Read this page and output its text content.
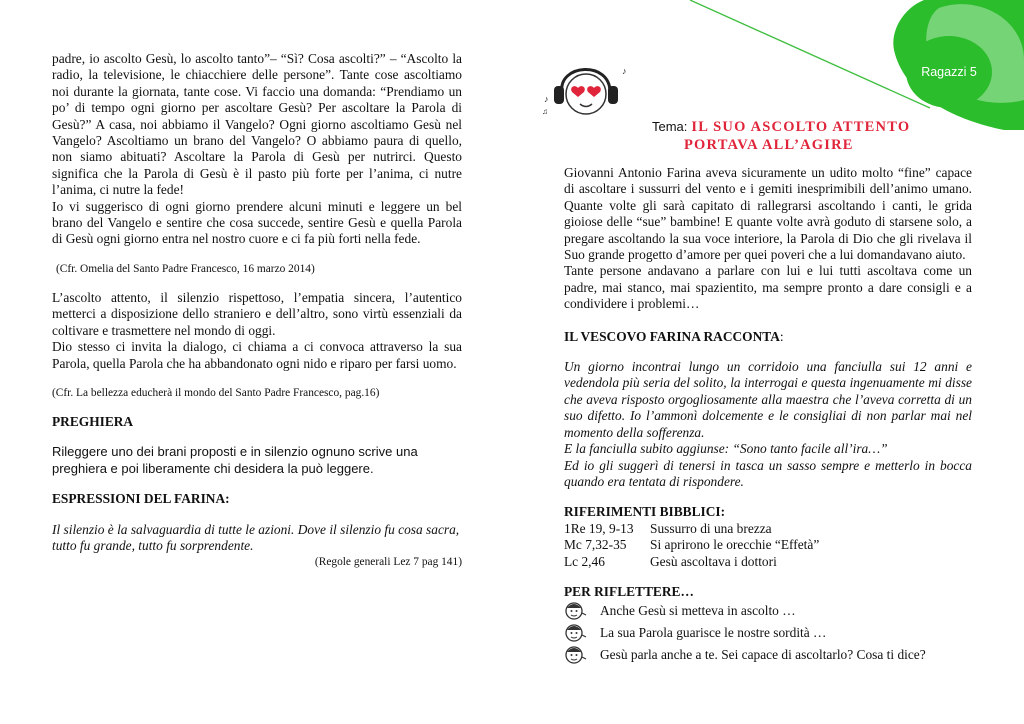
Ragazzi 5
♪
♫
♪

padre, io ascolto Gesù, lo ascolto tanto”– “Sì? Cosa ascolti?” – “Ascolto la radio, la televisione, le chiacchiere delle persone”. Tante cose ascoltiamo noi durante la giornata, tante cose. Vi faccio una domanda: “Prendiamo un po’ di tempo ogni giorno per ascoltare Gesù? Per ascoltare la Parola di Gesù?” A casa, noi abbiamo il Vangelo? Ogni giorno ascoltiamo Gesù nel Vangelo? Ascoltiamo un brano del Vangelo? O abbiamo paura di quello, non siamo abituati? Ascoltare la Parola di Gesù per nutrirci. Questo significa che la Parola di Gesù è il pasto più forte per l’anima, ci nutre l’anima, ci nutre la fede!

Io vi suggerisco di ogni giorno prendere alcuni minuti e leggere un bel brano del Vangelo e sentire che cosa succede, sentire Gesù e quella Parola di Gesù ogni giorno entra nel nostro cuore e ci fa più forti nella fede.

(Cfr. Omelia del Santo Padre Francesco, 16 marzo 2014)

L’ascolto attento, il silenzio rispettoso, l’empatia sincera, l’autentico metterci a disposizione dello straniero e dell’altro, sono virtù essenziali da coltivare e trasmettere nel mondo di oggi.

Dio stesso ci invita la dialogo, ci chiama a ci convoca attraverso la sua Parola, quella Parola che ha abbandonato ogni nido e riparo per farsi uomo.

(Cfr. La bellezza educherà il mondo del Santo Padre Francesco, pag.16)

PREGHIERA

Rileggere uno dei brani proposti e in silenzio ognuno scrive una preghiera e poi liberamente chi desidera la può leggere.

ESPRESSIONI DEL FARINA:

Il silenzio è la salvaguardia di tutte le azioni. Dove il silenzio fu cosa sacra, tutto fu grande, tutto fu sorprendente.

(Regole generali Lez 7 pag 141)

Tema: IL SUO ASCOLTO ATTENTO
PORTAVA ALL’AGIRE

Giovanni Antonio Farina aveva sicuramente un udito molto “fine” capace di ascoltare i sussurri del vento e i gemiti inesprimibili dell’animo umano. Quante volte gli sarà capitato di rallegrarsi ascoltando i canti, le grida gioiose delle “sue” bambine! E quante volte avrà goduto di starsene solo, a pregare ascoltando la sua voce interiore, la Parola di Dio che gli rivelava il Suo grande progetto d’amore per quei poveri che a lui domandavano aiuto.

Tante persone andavano a parlare con lui e lui tutti ascoltava come un padre, mai stanco, mai spazientito, ma sempre pronto a dare consigli e a condividere i problemi…

IL VESCOVO FARINA RACCONTA:

Un giorno incontrai lungo un corridoio una fanciulla sui 12 anni e vedendola più seria del solito, la interrogai e questa ingenuamente mi disse che aveva risposto orgogliosamente alla maestra che l’aveva corretta di un suo difetto. Io l’ammonì dolcemente e le consigliai di non parlar mai nel momento della sofferenza.

E la fanciulla subito aggiunse: “Sono tanto facile all’ira…”

Ed io gli suggerì di tenersi in tasca un sasso sempre e metterlo in bocca quando era tentata di rispondere.

RIFERIMENTI BIBBLICI:

1Re 19, 9-13	Sussurro di una brezza
Mc 7,32-35	Si aprirono le orecchie “Effetà”
Lc 2,46	Gesù ascoltava i dottori

PER RIFLETTERE…

Anche Gesù si metteva in ascolto …
La sua Parola guarisce le nostre sordità …
Gesù parla anche a te. Sei capace di ascoltarlo? Cosa ti dice?
